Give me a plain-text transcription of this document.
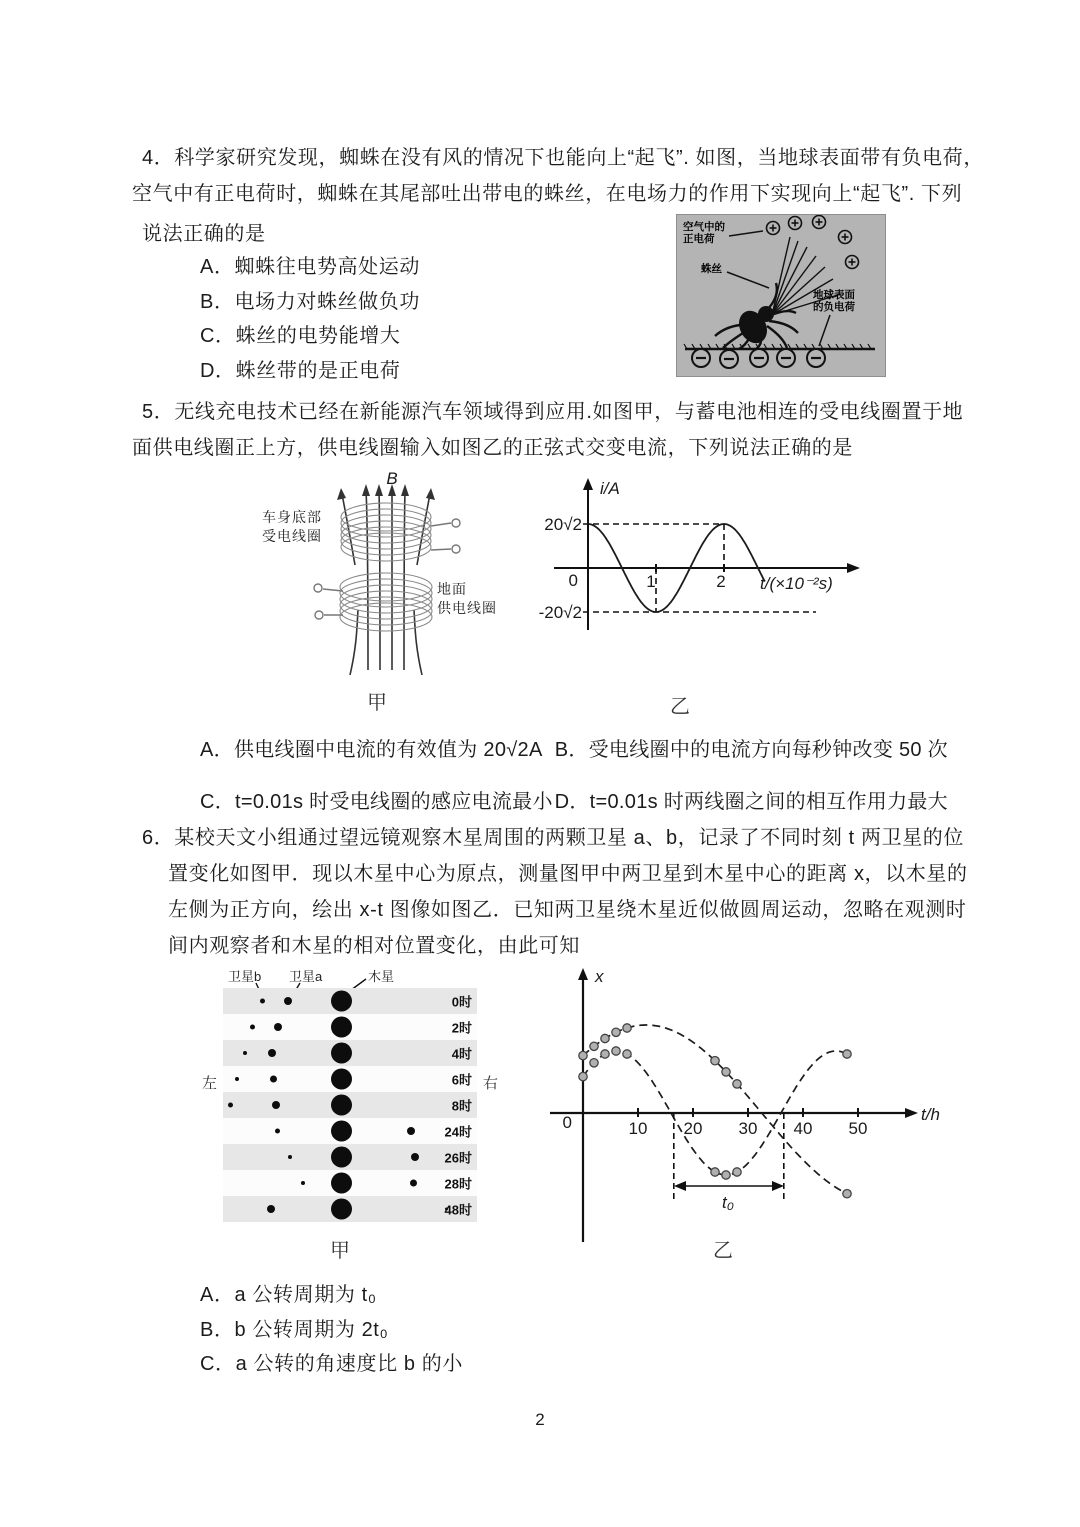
4．科学家研究发现，蜘蛛在没有风的情况下也能向上“起飞”. 如图，当地球表面带有负电荷，
空气中有正电荷时，蜘蛛在其尾部吐出带电的蛛丝，在电场力的作用下实现向上“起飞”. 下列
说法正确的是
A．蜘蛛往电势高处运动
B．电场力对蛛丝做负功
C．蛛丝的电势能增大
D．蛛丝带的是正电荷
空气中的
正电荷
蛛丝
地球表面
的负电荷
5．无线充电技术已经在新能源汽车领域得到应用.如图甲，与蓄电池相连的受电线圈置于地
面供电线圈正上方，供电线圈输入如图乙的正弦式交变电流，下列说法正确的是
B
车身底部
受电线圈
地面
供电线圈
甲
i/A
20√2
-20√2
0	1	2 t/(×10⁻²s)
乙
A．供电线圈中电流的有效值为 20√2A B．受电线圈中的电流方向每秒钟改变 50 次
C．t=0.01s 时受电线圈的感应电流最小 D．t=0.01s 时两线圈之间的相互作用力最大
6．某校天文小组通过望远镜观察木星周围的两颗卫星 a、b，记录了不同时刻 t 两卫星的位
置变化如图甲．现以木星中心为原点，测量图甲中两卫星到木星中心的距离 x，以木星的
左侧为正方向，绘出 x-t 图像如图乙．已知两卫星绕木星近似做圆周运动，忽略在观测时
间内观察者和木星的相对位置变化，由此可知
卫星b 卫星a	木星
0时
2时
4时
6时
8时
24时
26时
28时
48时
左	右
甲
x
0	10 20 30 40 50
t/h
t₀
乙
A．a 公转周期为 t₀
B．b 公转周期为 2t₀
C．a 公转的角速度比 b 的小
2
